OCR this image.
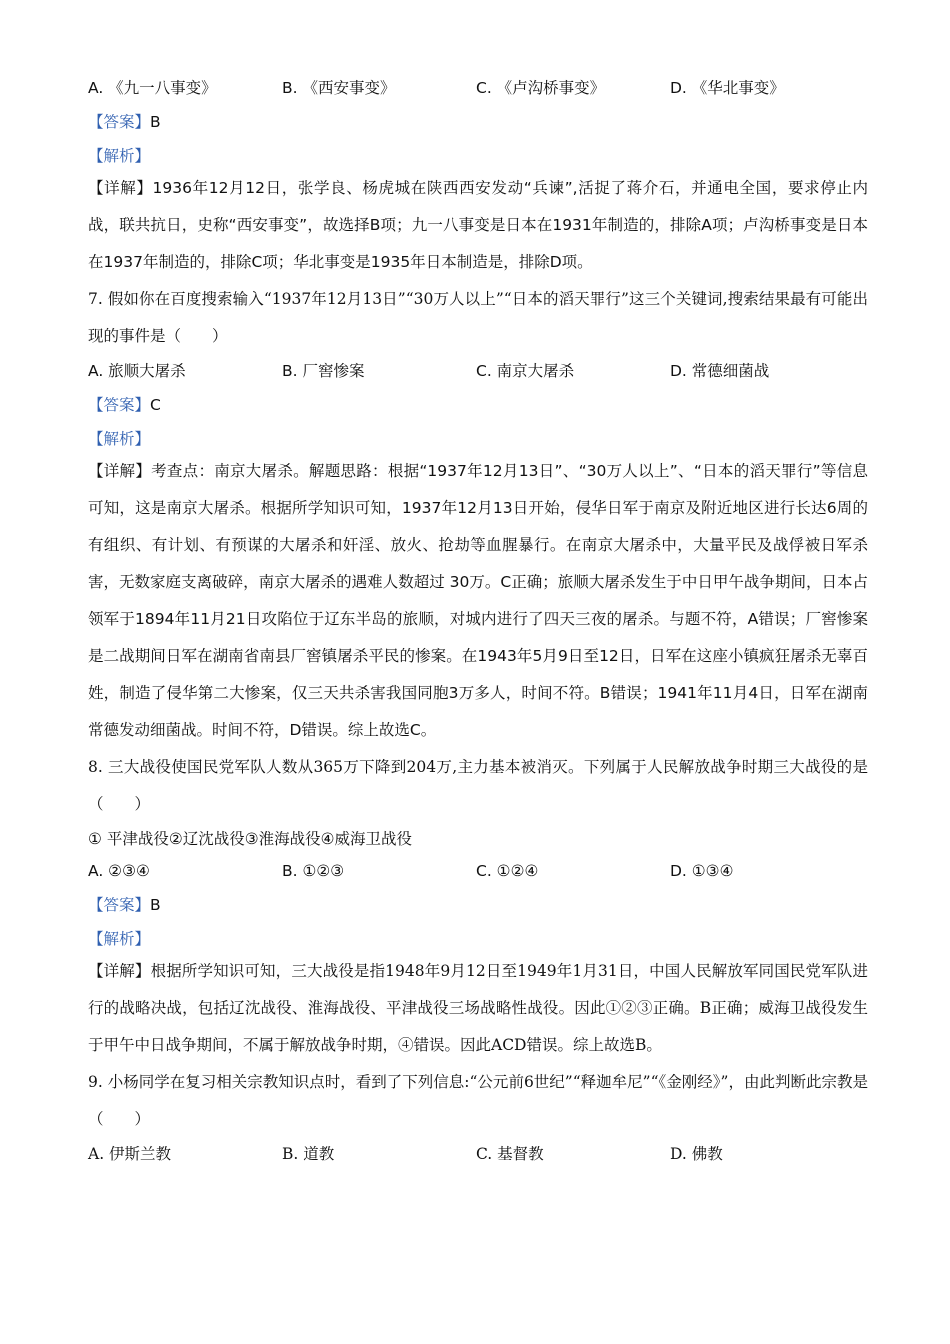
A. 《九一八事变》	B. 《西安事变》	C. 《卢沟桥事变》	D. 《华北事变》
【答案】B
【解析】
【详解】1936年12月12日，张学良、杨虎城在陕西西安发动“兵谏”,活捉了蒋介石，并通电全国，要求停止内战，联共抗日，史称“西安事变”，故选择B项；九一八事变是日本在1931年制造的，排除A项；卢沟桥事变是日本在1937年制造的，排除C项；华北事变是1935年日本制造是，排除D项。
7. 假如你在百度搜索输入“1937年12月13日”“30万人以上”“日本的滔天罪行”这三个关键词,搜索结果最有可能出现的事件是（　　）
A. 旅顺大屠杀	B. 厂窖惨案	C. 南京大屠杀	D. 常德细菌战
【答案】C
【解析】
【详解】考查点：南京大屠杀。解题思路：根据“1937年12月13日”、“30万人以上”、“日本的滔天罪行”等信息可知，这是南京大屠杀。根据所学知识可知，1937年12月13日开始，侵华日军于南京及附近地区进行长达6周的有组织、有计划、有预谋的大屠杀和奸淫、放火、抢劫等血腥暴行。在南京大屠杀中，大量平民及战俘被日军杀害，无数家庭支离破碎，南京大屠杀的遇难人数超过 30万。C正确；旅顺大屠杀发生于中日甲午战争期间，日本占领军于1894年11月21日攻陷位于辽东半岛的旅顺，对城内进行了四天三夜的屠杀。与题不符，A错误；厂窖惨案是二战期间日军在湖南省南县厂窖镇屠杀平民的惨案。在1943年5月9日至12日，日军在这座小镇疯狂屠杀无辜百姓，制造了侵华第二大惨案，仅三天共杀害我国同胞3万多人，时间不符。B错误；1941年11月4日，日军在湖南常德发动细菌战。时间不符，D错误。综上故选C。
8. 三大战役使国民党军队人数从365万下降到204万,主力基本被消灭。下列属于人民解放战争时期三大战役的是（　　）
① 平津战役②辽沈战役③淮海战役④威海卫战役
A. ②③④	B. ①②③	C. ①②④	D. ①③④
【答案】B
【解析】
【详解】根据所学知识可知，三大战役是指1948年9月12日至1949年1月31日，中国人民解放军同国民党军队进行的战略决战，包括辽沈战役、淮海战役、平津战役三场战略性战役。因此①②③正确。B正确；威海卫战役发生于甲午中日战争期间，不属于解放战争时期，④错误。因此ACD错误。综上故选B。
9. 小杨同学在复习相关宗教知识点时，看到了下列信息:“公元前6世纪”“释迦牟尼”“《金刚经》”，由此判断此宗教是（　　）
A. 伊斯兰教	B. 道教	C. 基督教	D. 佛教
